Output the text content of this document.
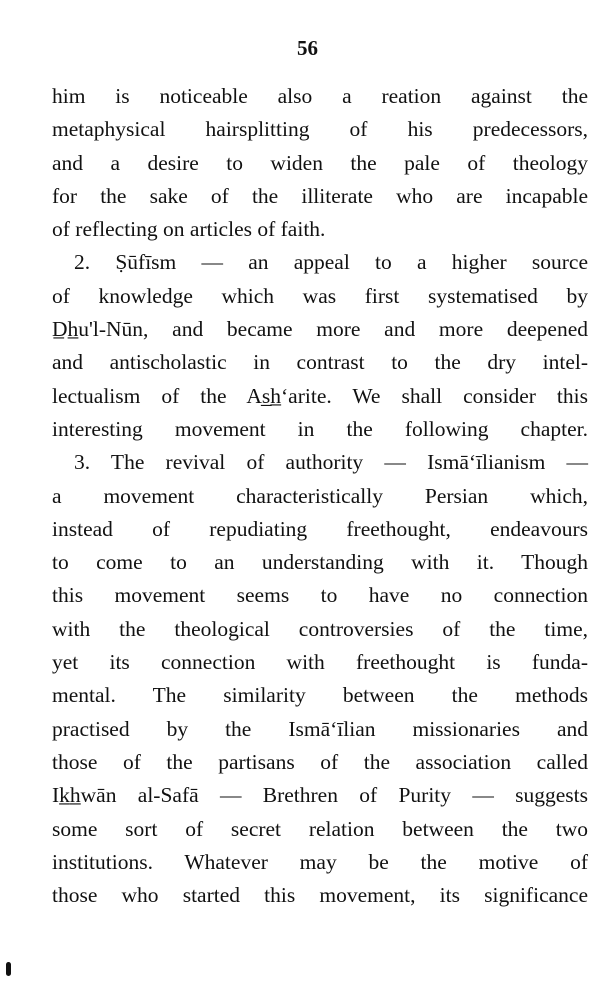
56
him is noticeable also a reation against the
metaphysical hairsplitting of his predecessors,
and a desire to widen the pale of theology
for the sake of the illiterate who are incapable
of reflecting on articles of faith.
2. Ṣūfīsm — an appeal to a higher source
of knowledge which was first systematised by
D̲h̲u'l-Nūn, and became more and more deepened
and antischolastic in contrast to the dry intel-
lectualism of the As̲h̲ʻarite. We shall consider this
interesting movement in the following chapter.
3. The revival of authority — Ismāʻīlianism —
a movement characteristically Persian which,
instead of repudiating freethought, endeavours
to come to an understanding with it. Though
this movement seems to have no connection
with the theological controversies of the time,
yet its connection with freethought is funda-
mental. The similarity between the methods
practised by the Ismāʻīlian missionaries and
those of the partisans of the association called
Ik̲h̲wān al-Safā — Brethren of Purity — suggests
some sort of secret relation between the two
institutions. Whatever may be the motive of
those who started this movement, its significance
